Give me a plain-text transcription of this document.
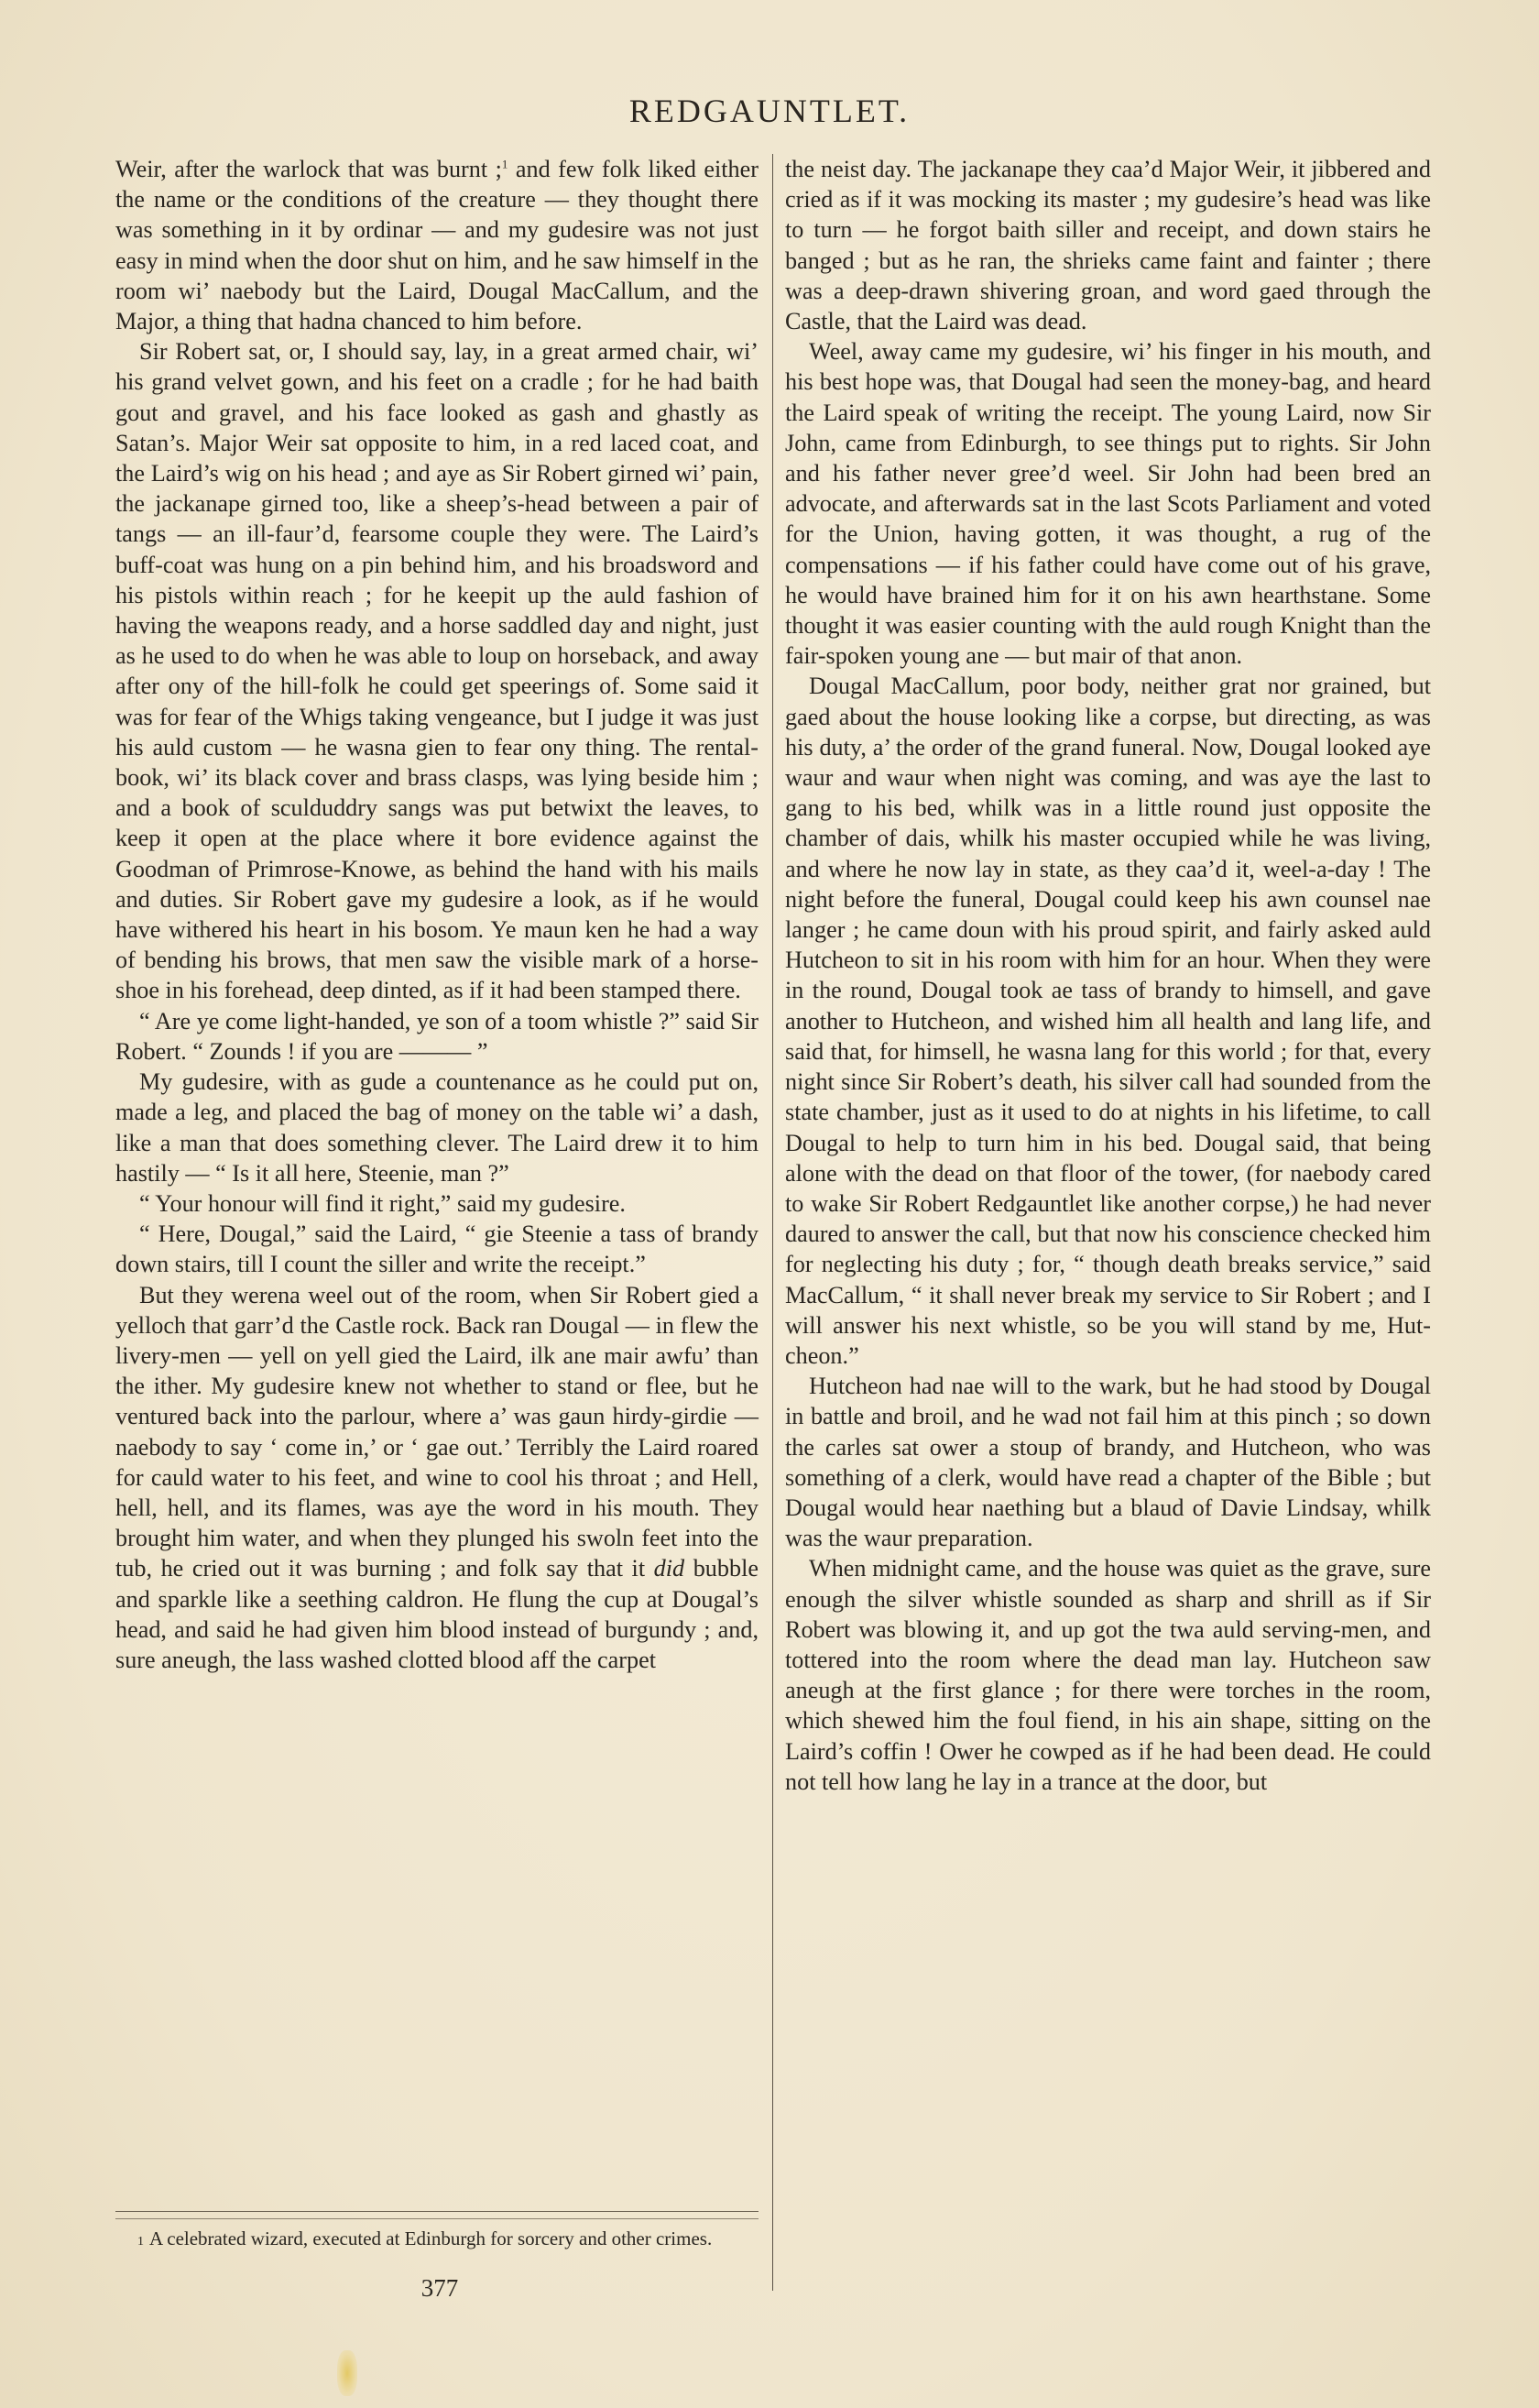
REDGAUNTLET.

Weir, after the warlock that was burnt ;$^1$ and few folk liked either the name or the conditions of the creature — they thought there was something in it by ordinar — and my gudesire was not just easy in mind when the door shut on him, and he saw himself in the room wi’ naebody but the Laird, Dougal MacCallum, and the Major, a thing that hadna chanced to him before.

Sir Robert sat, or, I should say, lay, in a great armed chair, wi’ his grand velvet gown, and his feet on a cradle ; for he had baith gout and gravel, and his face looked as gash and ghastly as Satan’s. Major Weir sat opposite to him, in a red laced coat, and the Laird’s wig on his head ; and aye as Sir Robert girned wi’ pain, the jackanape girned too, like a sheep’s-head between a pair of tangs — an ill-faur’d, fearsome couple they were. The Laird’s buff-coat was hung on a pin behind him, and his broadsword and his pistols within reach ; for he keepit up the auld fashion of having the weapons ready, and a horse saddled day and night, just as he used to do when he was able to loup on horseback, and away after ony of the hill-folk he could get speerings of. Some said it was for fear of the Whigs taking vengeance, but I judge it was just his auld custom — he wasna gien to fear ony thing. The rental-book, wi’ its black cover and brass clasps, was lying beside him ; and a book of sculduddry sangs was put betwixt the leaves, to keep it open at the place where it bore evidence against the Goodman of Primrose-Knowe, as behind the hand with his mails and duties. Sir Robert gave my gudesire a look, as if he would have withered his heart in his bosom. Ye maun ken he had a way of bending his brows, that men saw the visible mark of a horse-shoe in his forehead, deep dinted, as if it had been stamped there.

“ Are ye come light-handed, ye son of a toom whistle ?” said Sir Robert. “ Zounds ! if you are ——— ”

My gudesire, with as gude a countenance as he could put on, made a leg, and placed the bag of money on the table wi’ a dash, like a man that does something clever. The Laird drew it to him hastily — “ Is it all here, Steenie, man ?”

“ Your honour will find it right,” said my gudesire.

“ Here, Dougal,” said the Laird, “ gie Steenie a tass of brandy down stairs, till I count the siller and write the receipt.”

But they werena weel out of the room, when Sir Robert gied a yelloch that garr’d the Castle rock. Back ran Dougal — in flew the livery-men — yell on yell gied the Laird, ilk ane mair awfu’ than the ither. My gudesire knew not whether to stand or flee, but he ventured back into the parlour, where a’ was gaun hirdy-girdie — naebody to say ‘ come in,’ or ‘ gae out.’ Terribly the Laird roared for cauld water to his feet, and wine to cool his throat ; and Hell, hell, hell, and its flames, was aye the word in his mouth. They brought him water, and when they plunged his swoln feet into the tub, he cried out it was burning ; and folk say that it did bubble and sparkle like a seething caldron. He flung the cup at Dougal’s head, and said he had given him blood instead of burgundy ; and, sure aneugh, the lass washed clotted blood aff the carpet

the neist day. The jackanape they caa’d Major Weir, it jibbered and cried as if it was mocking its master ; my gudesire’s head was like to turn — he forgot baith siller and receipt, and down stairs he banged ; but as he ran, the shrieks came faint and fainter ; there was a deep-drawn shivering groan, and word gaed through the Castle, that the Laird was dead.

Weel, away came my gudesire, wi’ his finger in his mouth, and his best hope was, that Dougal had seen the money-bag, and heard the Laird speak of writing the receipt. The young Laird, now Sir John, came from Edinburgh, to see things put to rights. Sir John and his father never gree’d weel. Sir John had been bred an advocate, and afterwards sat in the last Scots Parliament and voted for the Union, having gotten, it was thought, a rug of the compensations — if his father could have come out of his grave, he would have brained him for it on his awn hearthstane. Some thought it was easier counting with the auld rough Knight than the fair-spoken young ane — but mair of that anon.

Dougal MacCallum, poor body, neither grat nor grained, but gaed about the house looking like a corpse, but directing, as was his duty, a’ the order of the grand funeral. Now, Dougal looked aye waur and waur when night was coming, and was aye the last to gang to his bed, whilk was in a little round just opposite the chamber of dais, whilk his master occupied while he was living, and where he now lay in state, as they caa’d it, weel-a-day ! The night before the funeral, Dougal could keep his awn counsel nae langer ; he came doun with his proud spirit, and fairly asked auld Hutcheon to sit in his room with him for an hour. When they were in the round, Dougal took ae tass of brandy to himsell, and gave another to Hutcheon, and wished him all health and lang life, and said that, for himsell, he wasna lang for this world ; for that, every night since Sir Robert’s death, his silver call had sounded from the state chamber, just as it used to do at nights in his lifetime, to call Dougal to help to turn him in his bed. Dougal said, that being alone with the dead on that floor of the tower, (for naebody cared to wake Sir Robert Redgauntlet like another corpse,) he had never daured to answer the call, but that now his conscience checked him for neglecting his duty ; for, “ though death breaks service,” said MacCallum, “ it shall never break my service to Sir Robert ; and I will answer his next whistle, so be you will stand by me, Hutcheon.”

Hutcheon had nae will to the wark, but he had stood by Dougal in battle and broil, and he wad not fail him at this pinch ; so down the carles sat ower a stoup of brandy, and Hutcheon, who was something of a clerk, would have read a chapter of the Bible ; but Dougal would hear naething but a blaud of Davie Lindsay, whilk was the waur preparation.

When midnight came, and the house was quiet as the grave, sure enough the silver whistle sounded as sharp and shrill as if Sir Robert was blowing it, and up got the twa auld serving-men, and tottered into the room where the dead man lay. Hutcheon saw aneugh at the first glance ; for there were torches in the room, which shewed him the foul fiend, in his ain shape, sitting on the Laird’s coffin ! Ower he cowped as if he had been dead. He could not tell how lang he lay in a trance at the door, but

1 A celebrated wizard, executed at Edinburgh for sorcery and other crimes.
377
